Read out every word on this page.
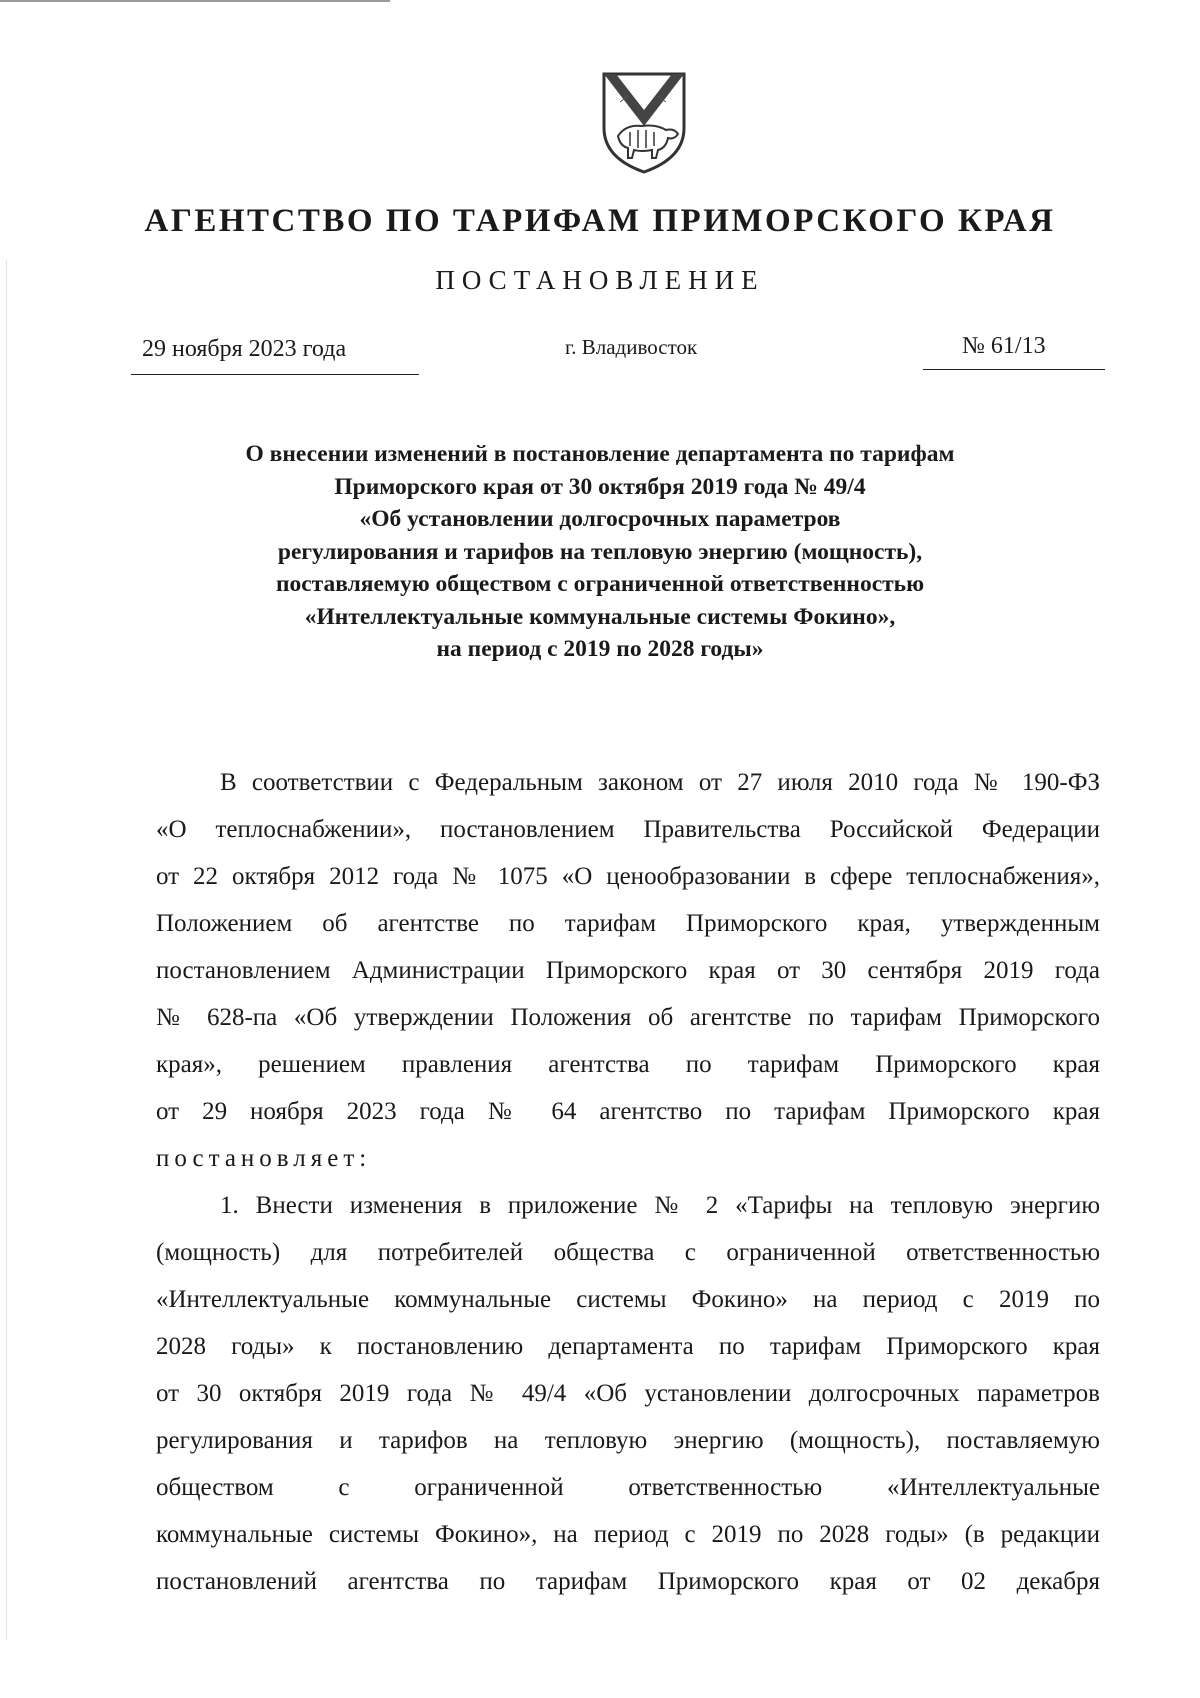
АГЕНТСТВО ПО ТАРИФАМ ПРИМОРСКОГО КРАЯ
ПОСТАНОВЛЕНИЕ
29 ноября 2023 года	г. Владивосток	№ 61/13
О внесении изменений в постановление департамента по тарифам
Приморского края от 30 октября 2019 года № 49/4
«Об установлении долгосрочных параметров
регулирования и тарифов на тепловую энергию (мощность),
поставляемую обществом с ограниченной ответственностью
«Интеллектуальные коммунальные системы Фокино»,
на период с 2019 по 2028 годы»
В соответствии с Федеральным законом от 27 июля 2010 года № 190-ФЗ
«О теплоснабжении», постановлением Правительства Российской Федерации
от 22 октября 2012 года № 1075 «О ценообразовании в сфере теплоснабжения»,
Положением об агентстве по тарифам Приморского края, утвержденным
постановлением Администрации Приморского края от 30 сентября 2019 года
№ 628-па «Об утверждении Положения об агентстве по тарифам Приморского
края», решением правления агентства по тарифам Приморского края
от 29 ноября 2023 года № 64 агентство по тарифам Приморского края
постановляет:
1. Внести изменения в приложение № 2 «Тарифы на тепловую энергию
(мощность) для потребителей общества с ограниченной ответственностью
«Интеллектуальные коммунальные системы Фокино» на период с 2019 по
2028 годы» к постановлению департамента по тарифам Приморского края
от 30 октября 2019 года № 49/4 «Об установлении долгосрочных параметров
регулирования и тарифов на тепловую энергию (мощность), поставляемую
обществом с ограниченной ответственностью «Интеллектуальные
коммунальные системы Фокино», на период с 2019 по 2028 годы» (в редакции
постановлений агентства по тарифам Приморского края от 02 декабря
